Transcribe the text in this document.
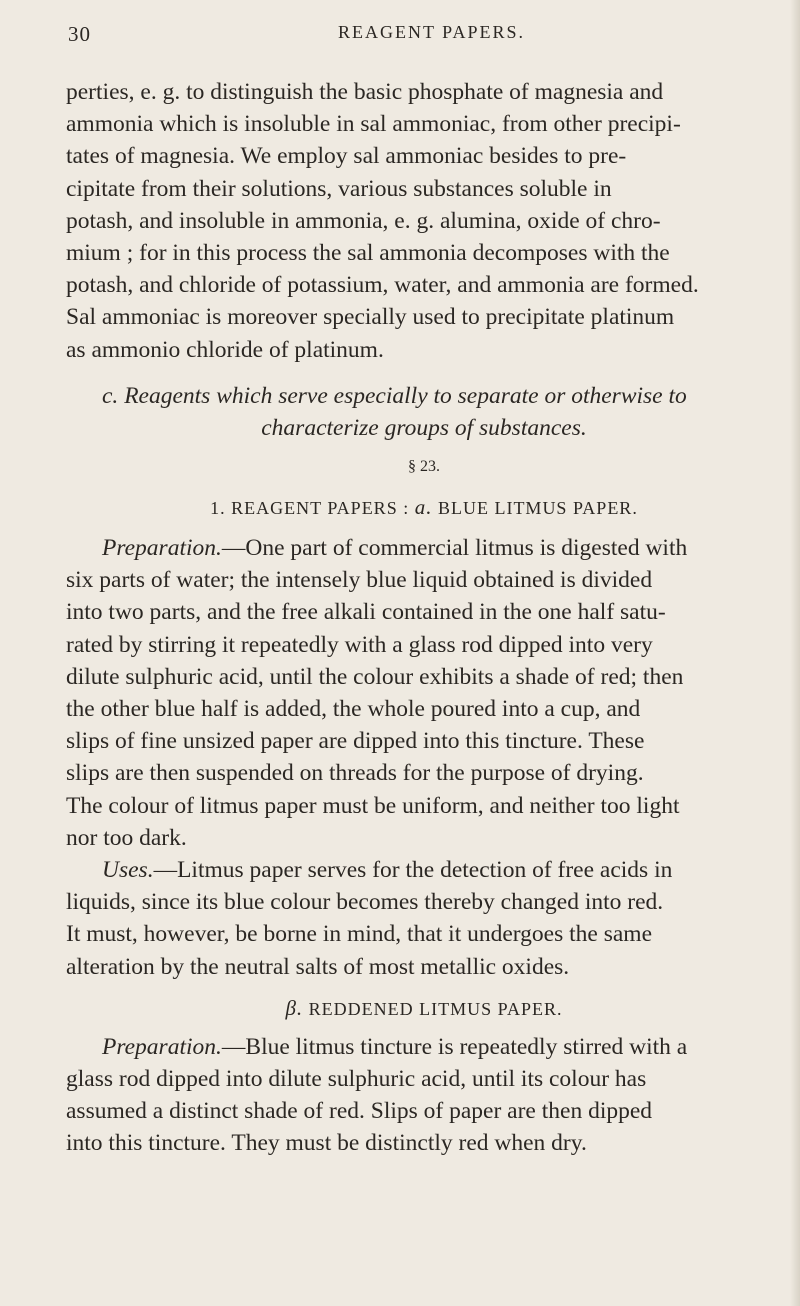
30	REAGENT PAPERS.
perties, e. g. to distinguish the basic phosphate of magnesia and
ammonia which is insoluble in sal ammoniac, from other precipi-
tates of magnesia. We employ sal ammoniac besides to pre-
cipitate from their solutions, various substances soluble in
potash, and insoluble in ammonia, e. g. alumina, oxide of chro-
mium ; for in this process the sal ammonia decomposes with the
potash, and chloride of potassium, water, and ammonia are formed.
Sal ammoniac is moreover specially used to precipitate platinum
as ammonio chloride of platinum.
c. Reagents which serve especially to separate or otherwise to
characterize groups of substances.
§ 23.
1. REAGENT PAPERS : a. BLUE LITMUS PAPER.
Preparation.—One part of commercial litmus is digested with
six parts of water; the intensely blue liquid obtained is divided
into two parts, and the free alkali contained in the one half satu-
rated by stirring it repeatedly with a glass rod dipped into very
dilute sulphuric acid, until the colour exhibits a shade of red; then
the other blue half is added, the whole poured into a cup, and
slips of fine unsized paper are dipped into this tincture. These
slips are then suspended on threads for the purpose of drying.
The colour of litmus paper must be uniform, and neither too light
nor too dark.
Uses.—Litmus paper serves for the detection of free acids in
liquids, since its blue colour becomes thereby changed into red.
It must, however, be borne in mind, that it undergoes the same
alteration by the neutral salts of most metallic oxides.
β. REDDENED LITMUS PAPER.
Preparation.—Blue litmus tincture is repeatedly stirred with a
glass rod dipped into dilute sulphuric acid, until its colour has
assumed a distinct shade of red. Slips of paper are then dipped
into this tincture. They must be distinctly red when dry.
